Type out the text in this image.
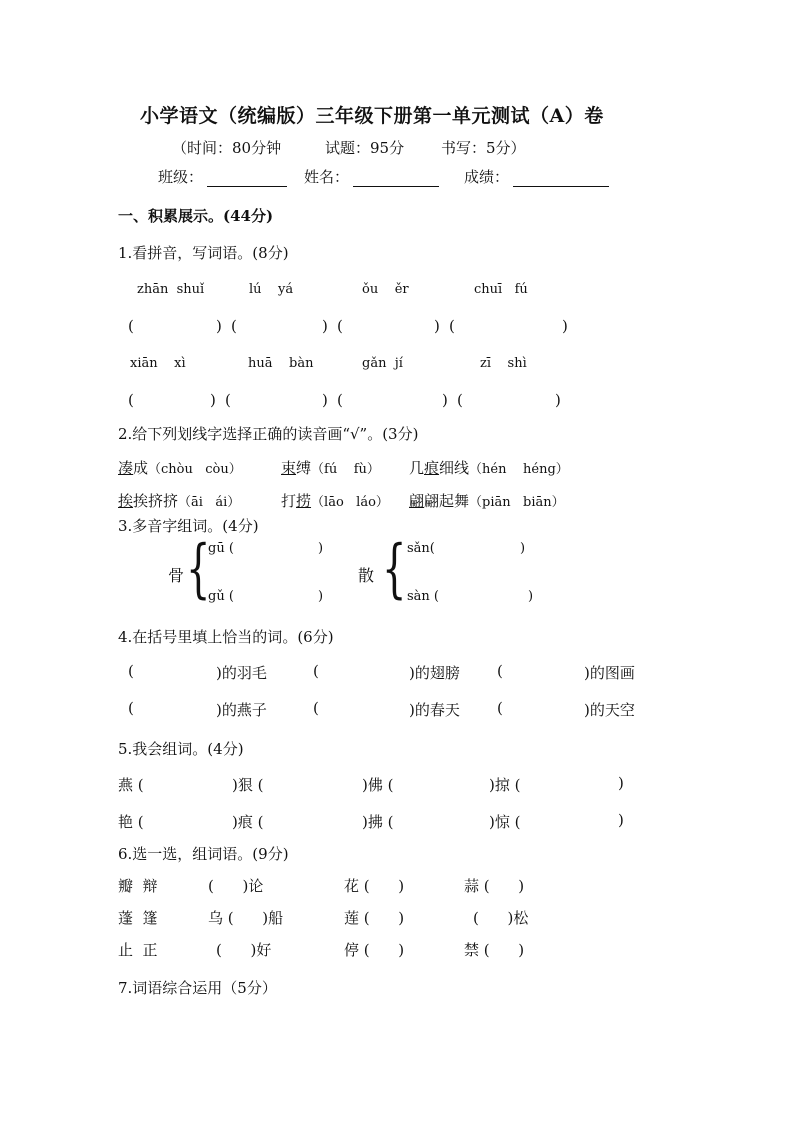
小学语文（统编版）三年级下册第一单元测试（A）卷
（时间：80分钟	试题：95分 书写：5分）
班级：	姓名：	成绩：
一、积累展示。(44分)
1.看拼音，写词语。(8分)
zhān  shuǐ	lú    yá	ǒu    ěr	chuī   fú
(	) (	) (	) (	)
xiān    xì	huā    bàn	gǎn  jí	zī    shì
(	) (	) (	) (	)
2.给下列划线字选择正确的读音画“√”。(3分)
凑成（chòu   còu）	束缚（fú    fù） 几痕细线（hén    héng）
挨挨挤挤（āi   ái）	打捞（lāo   láo） 翩翩起舞（piān   biān）
3.多音字组词。(4分)
骨 {
gū (	)
gǔ (	)
散 { sǎn(	)
sàn (	)
4.在括号里填上恰当的词。(6分)
(	)的羽毛	(	)的翅膀 (	)的图画
(	)的燕子	(	)的春天 (	)的天空
5.我会组词。(4分)
燕 (	)狠 (	)佛 (	)掠 (	)
艳 (	)痕 (	)拂 (	)惊 (	)
6.选一选，组词语。(9分)
瓣  辩	(      )论	花 (      )	蒜 (      )
蓬  篷	乌 (      )船	莲 (      )	(      )松
止  正	(      )好	停 (      )	禁 (      )
7.词语综合运用（5分）
